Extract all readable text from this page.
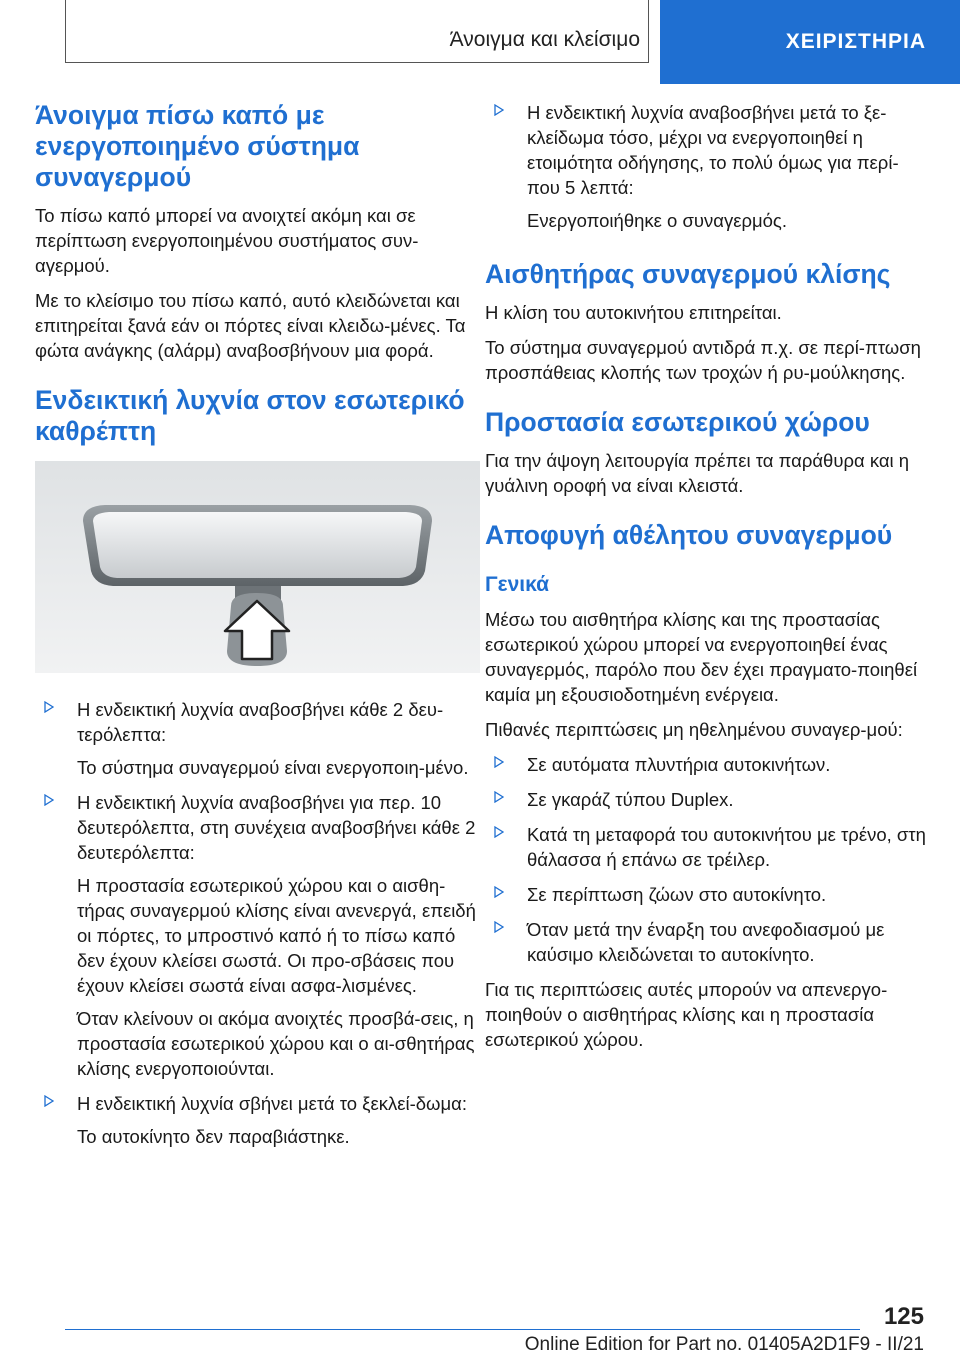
Άνοιγμα και κλείσιμο	ΧΕΙΡΙΣΤΗΡΙΑ
Άνοιγμα πίσω καπό με ενεργοποιημένο σύστημα συναγερμού

Το πίσω καπό μπορεί να ανοιχτεί ακόμη και σε περίπτωση ενεργοποιημένου συστήματος συν-αγερμού.

Με το κλείσιμο του πίσω καπό, αυτό κλειδώνεται και επιτηρείται ξανά εάν οι πόρτες είναι κλειδω-μένες. Τα φώτα ανάγκης (αλάρμ) αναβοσβήνουν μια φορά.

Ενδεικτική λυχνία στον εσωτερικό καθρέπτη

Η ενδεικτική λυχνία αναβοσβήνει κάθε 2 δευ-τερόλεπτα:

Το σύστημα συναγερμού είναι ενεργοποιη-μένο.

Η ενδεικτική λυχνία αναβοσβήνει για περ. 10 δευτερόλεπτα, στη συνέχεια αναβοσβήνει κάθε 2 δευτερόλεπτα:

Η προστασία εσωτερικού χώρου και ο αισθη-τήρας συναγερμού κλίσης είναι ανενεργά, επειδή οι πόρτες, το μπροστινό καπό ή το πίσω καπό δεν έχουν κλείσει σωστά. Οι προ-σβάσεις που έχουν κλείσει σωστά είναι ασφα-λισμένες.

Όταν κλείνουν οι ακόμα ανοιχτές προσβά-σεις, η προστασία εσωτερικού χώρου και ο αι-σθητήρας κλίσης ενεργοποιούνται.

Η ενδεικτική λυχνία σβήνει μετά το ξεκλεί-δωμα:

Το αυτοκίνητο δεν παραβιάστηκε.

Η ενδεικτική λυχνία αναβοσβήνει μετά το ξε-κλείδωμα τόσο, μέχρι να ενεργοποιηθεί η ετοιμότητα οδήγησης, το πολύ όμως για περί-που 5 λεπτά:

Ενεργοποιήθηκε ο συναγερμός.

Αισθητήρας συναγερμού κλίσης

Η κλίση του αυτοκινήτου επιτηρείται.

Το σύστημα συναγερμού αντιδρά π.χ. σε περί-πτωση προσπάθειας κλοπής των τροχών ή ρυ-μούλκησης.

Προστασία εσωτερικού χώρου

Για την άψογη λειτουργία πρέπει τα παράθυρα και η γυάλινη οροφή να είναι κλειστά.

Αποφυγή αθέλητου συναγερμού
Γενικά

Μέσω του αισθητήρα κλίσης και της προστασίας εσωτερικού χώρου μπορεί να ενεργοποιηθεί ένας συναγερμός, παρόλο που δεν έχει πραγματο-ποιηθεί καμία μη εξουσιοδοτημένη ενέργεια.

Πιθανές περιπτώσεις μη ηθελημένου συναγερ-μού:

Σε αυτόματα πλυντήρια αυτοκινήτων.

Σε γκαράζ τύπου Duplex.

Κατά τη μεταφορά του αυτοκινήτου με τρένο, στη θάλασσα ή επάνω σε τρέιλερ.

Σε περίπτωση ζώων στο αυτοκίνητο.

Όταν μετά την έναρξη του ανεφοδιασμού με καύσιμο κλειδώνεται το αυτοκίνητο.

Για τις περιπτώσεις αυτές μπορούν να απενεργο-ποιηθούν ο αισθητήρας κλίσης και η προστασία εσωτερικού χώρου.

125
Online Edition for Part no. 01405A2D1F9 - II/21
